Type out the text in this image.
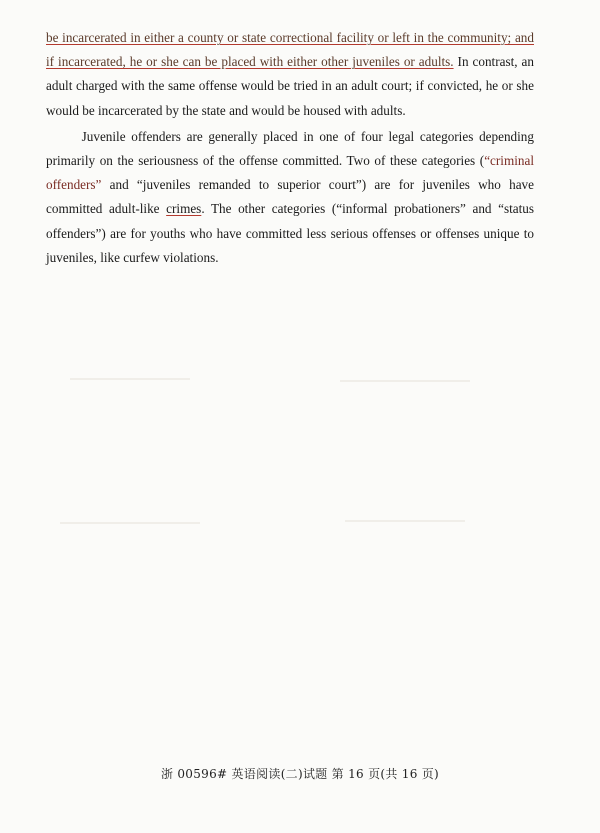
be incarcerated in either a county or state correctional facility or left in the community; and if incarcerated, he or she can be placed with either other juveniles or adults. In contrast, an adult charged with the same offense would be tried in an adult court; if convicted, he or she would be incarcerated by the state and would be housed with adults.

Juvenile offenders are generally placed in one of four legal categories depending primarily on the seriousness of the offense committed. Two of these categories (“criminal offenders” and “juveniles remanded to superior court”) are for juveniles who have committed adult-like crimes. The other categories (“informal probationers” and “status offenders”) are for youths who have committed less serious offenses or offenses unique to juveniles, like curfew violations.

浙 00596# 英语阅读(二)试题 第 16 页(共 16 页)
